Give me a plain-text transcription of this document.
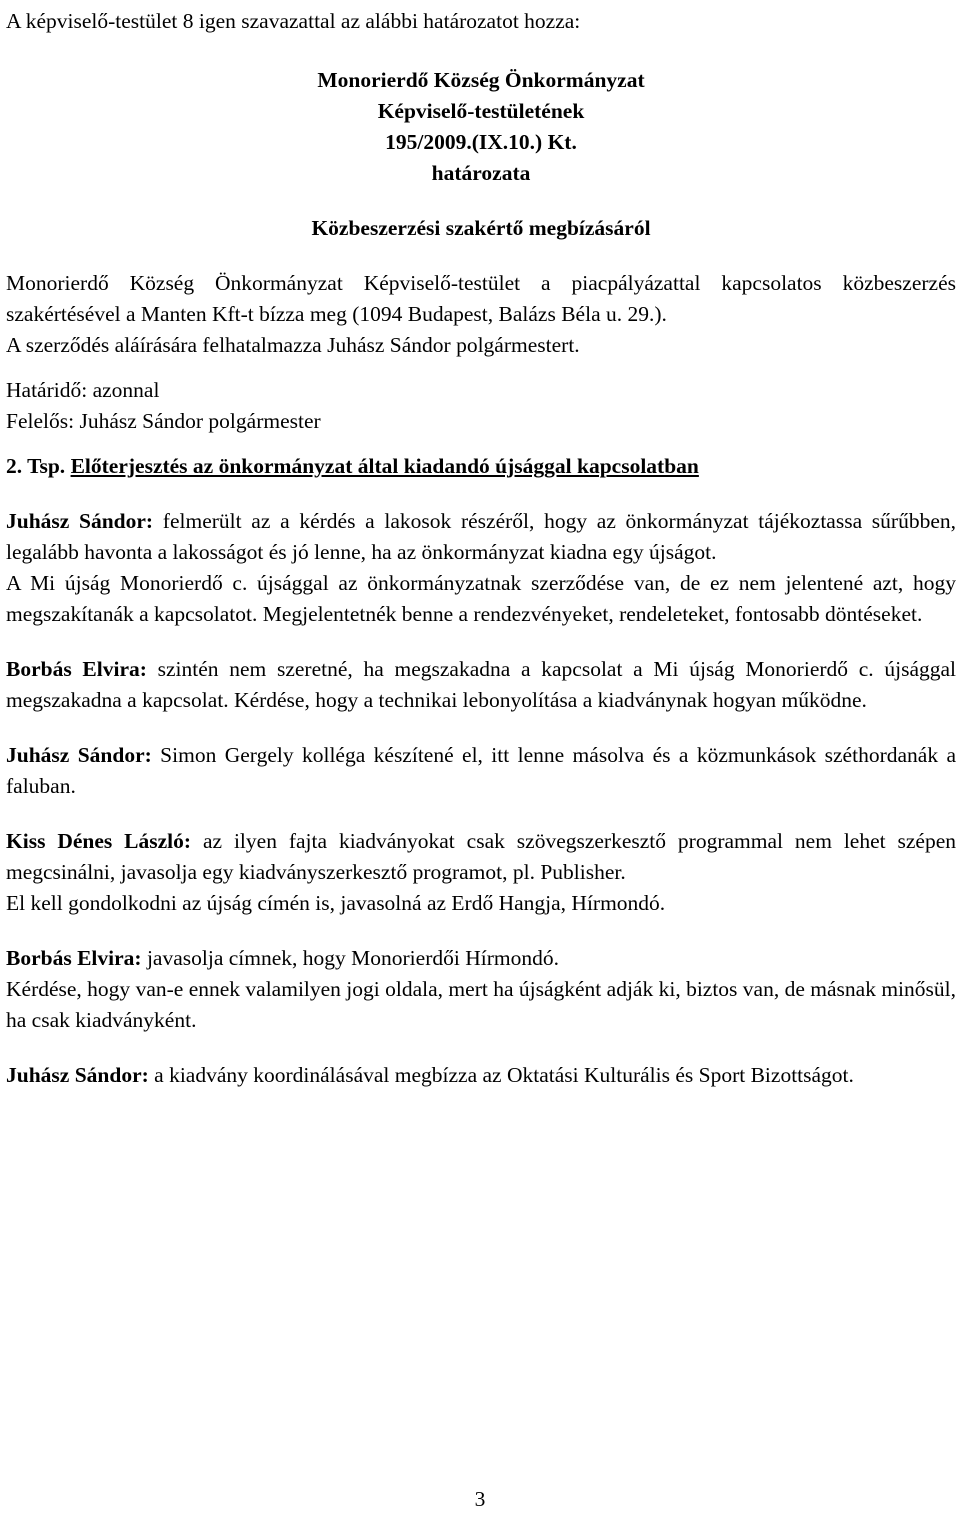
A képviselő-testület 8 igen szavazattal az alábbi határozatot hozza:

Monorierdő Község Önkormányzat

Képviselő-testületének

195/2009.(IX.10.) Kt.

határozata

Közbeszerzési szakértő megbízásáról

Monorierdő Község Önkormányzat Képviselő-testület a piacpályázattal kapcsolatos közbeszerzés szakértésével a Manten Kft-t bízza meg (1094 Budapest, Balázs Béla u. 29.).

A szerződés aláírására felhatalmazza Juhász Sándor polgármestert.

Határidő: azonnal

Felelős: Juhász Sándor polgármester

2. Tsp. Előterjesztés az önkormányzat által kiadandó újsággal kapcsolatban

Juhász Sándor: felmerült az a kérdés a lakosok részéről, hogy az önkormányzat tájékoztassa sűrűbben, legalább havonta a lakosságot és jó lenne, ha az önkormányzat kiadna egy újságot.

A Mi újság Monorierdő c. újsággal az önkormányzatnak szerződése van, de ez nem jelentené azt, hogy megszakítanák a kapcsolatot. Megjelentetnék benne a rendezvényeket, rendeleteket, fontosabb döntéseket.

Borbás Elvira: szintén nem szeretné, ha megszakadna a kapcsolat a Mi újság Monorierdő c. újsággal megszakadna a kapcsolat. Kérdése, hogy a technikai lebonyolítása a kiadványnak hogyan működne.

Juhász Sándor: Simon Gergely kolléga készítené el, itt lenne másolva és a közmunkások széthordanák a faluban.

Kiss Dénes László: az ilyen fajta kiadványokat csak szövegszerkesztő programmal nem lehet szépen megcsinálni, javasolja egy kiadványszerkesztő programot, pl. Publisher.

El kell gondolkodni az újság címén is, javasolná az Erdő Hangja, Hírmondó.

Borbás Elvira: javasolja címnek, hogy Monorierdői Hírmondó.

Kérdése, hogy van-e ennek valamilyen jogi oldala, mert ha újságként adják ki, biztos van, de másnak minősül, ha csak kiadványként.

Juhász Sándor: a kiadvány koordinálásával megbízza az Oktatási Kulturális és Sport Bizottságot.

3
